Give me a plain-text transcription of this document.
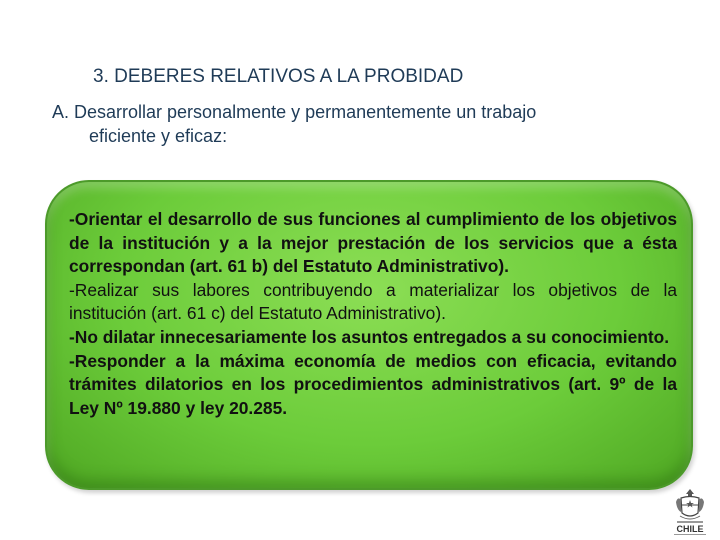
3. DEBERES RELATIVOS A LA PROBIDAD

A. Desarrollar personalmente y permanentemente un trabajo
eficiente y eficaz:

-Orientar el desarrollo de sus funciones al cumplimiento de los objetivos de la institución y a la mejor prestación de los servicios que a ésta correspondan (art. 61 b) del Estatuto Administrativo).
-Realizar sus labores contribuyendo a materializar los objetivos de la institución (art. 61 c) del Estatuto Administrativo).
-No dilatar innecesariamente los asuntos entregados a su conocimiento.
-Responder a la máxima economía de medios con eficacia, evitando trámites dilatorios en los procedimientos administrativos (art. 9º de la Ley Nº 19.880 y ley 20.285.

CHILE
